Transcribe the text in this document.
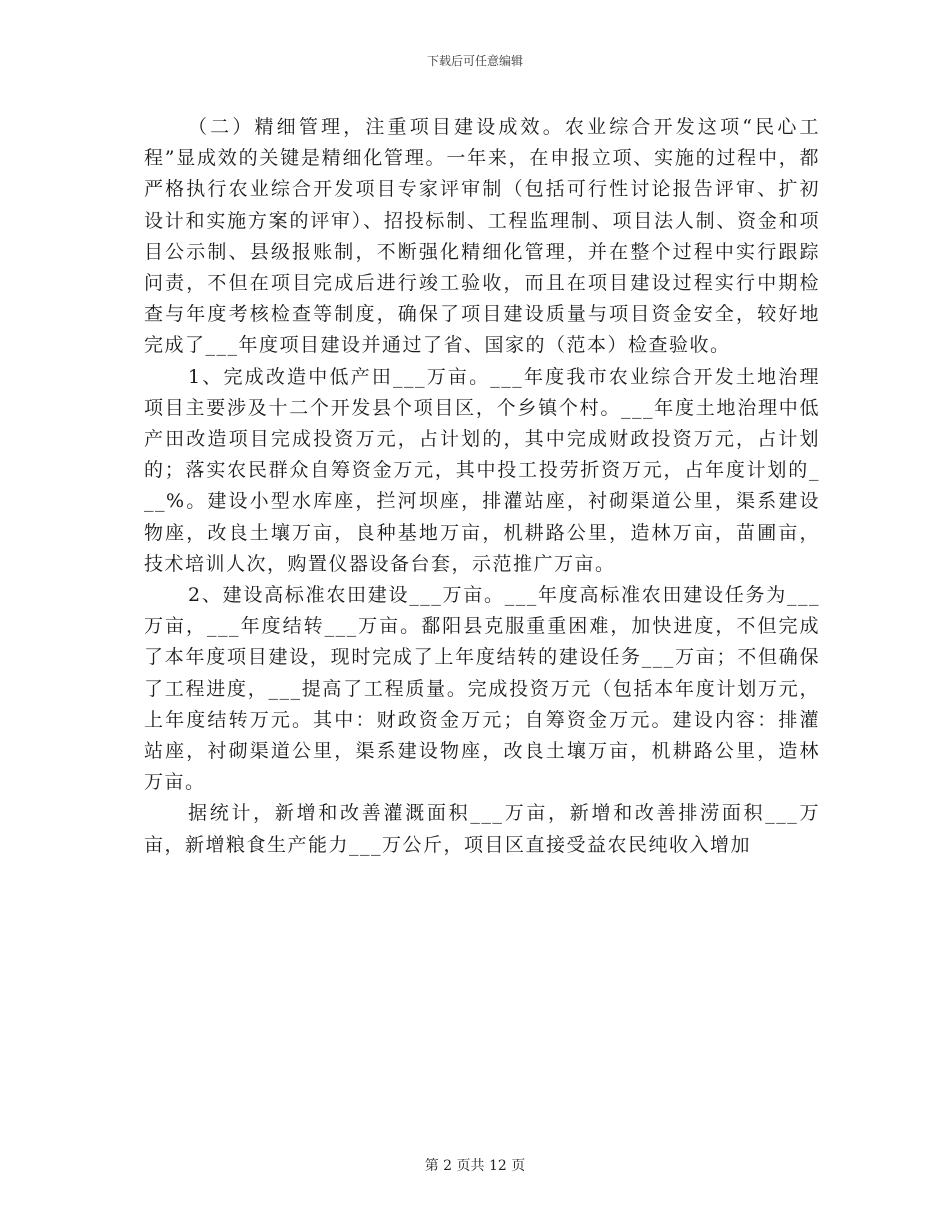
下载后可任意编辑

（二）精细管理，注重项目建设成效。农业综合开发这项“民心工程”显成效的关键是精细化管理。一年来，在申报立项、实施的过程中，都严格执行农业综合开发项目专家评审制（包括可行性讨论报告评审、扩初设计和实施方案的评审）、招投标制、工程监理制、项目法人制、资金和项目公示制、县级报账制，不断强化精细化管理，并在整个过程中实行跟踪问责，不但在项目完成后进行竣工验收，而且在项目建设过程实行中期检查与年度考核检查等制度，确保了项目建设质量与项目资金安全，较好地完成了___年度项目建设并通过了省、国家的（范本）检查验收。

1、完成改造中低产田___万亩。___年度我市农业综合开发土地治理项目主要涉及十二个开发县个项目区，个乡镇个村。___年度土地治理中低产田改造项目完成投资万元，占计划的，其中完成财政投资万元，占计划的；落实农民群众自筹资金万元，其中投工投劳折资万元，占年度计划的___%。建设小型水库座，拦河坝座，排灌站座，衬砌渠道公里，渠系建设物座，改良土壤万亩，良种基地万亩，机耕路公里，造林万亩，苗圃亩，技术培训人次，购置仪器设备台套，示范推广万亩。

2、建设高标准农田建设___万亩。___年度高标准农田建设任务为___万亩，___年度结转___万亩。鄱阳县克服重重困难，加快进度，不但完成了本年度项目建设，现时完成了上年度结转的建设任务___万亩；不但确保了工程进度，___提高了工程质量。完成投资万元（包括本年度计划万元，上年度结转万元。其中：财政资金万元；自筹资金万元。建设内容：排灌站座，衬砌渠道公里，渠系建设物座，改良土壤万亩，机耕路公里，造林万亩。

据统计，新增和改善灌溉面积___万亩，新增和改善排涝面积___万亩，新增粮食生产能力___万公斤，项目区直接受益农民纯收入增加

第 2 页共 12 页
